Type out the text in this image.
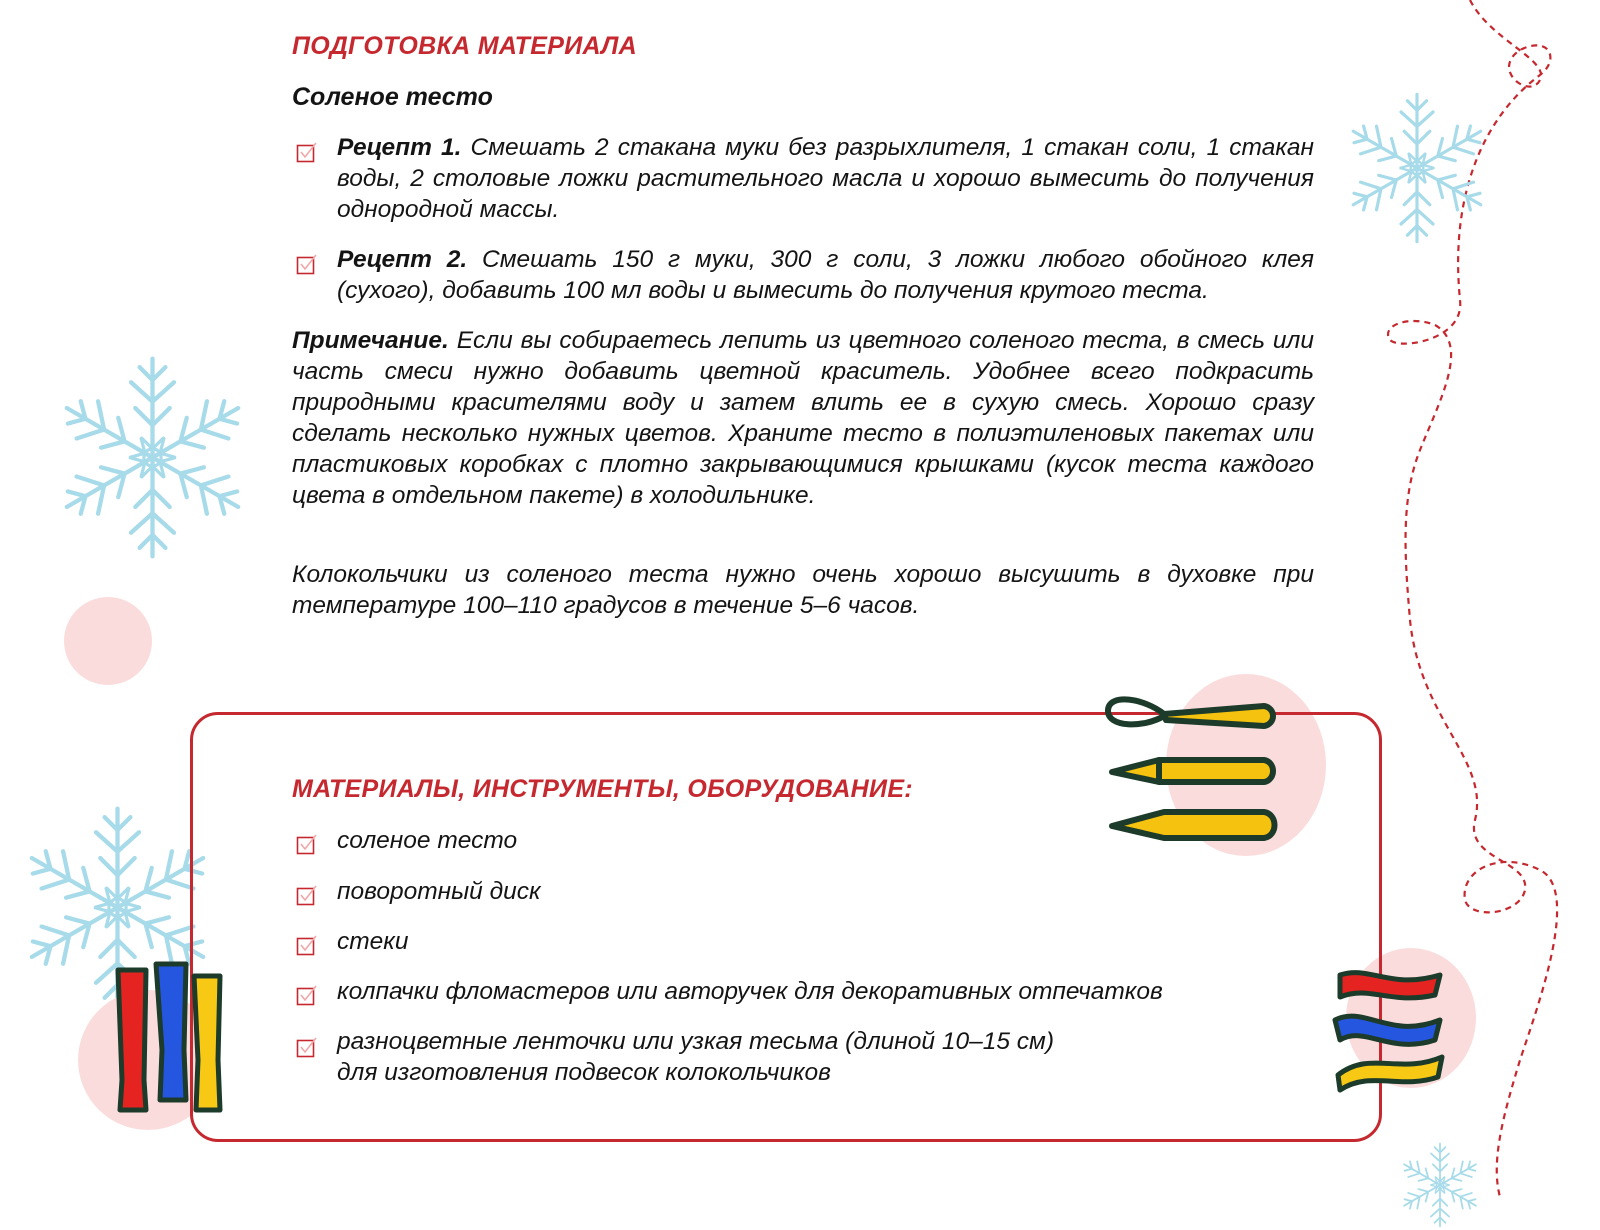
ПОДГОТОВКА МАТЕРИАЛА
Соленое тесто
Рецепт 1. Смешать 2 стакана муки без разрыхлителя, 1 стакан соли, 1 стакан воды, 2 столовые ложки растительного масла и хорошо вымесить до получения однородной массы.
Рецепт 2. Смешать 150 г муки, 300 г соли, 3 ложки любого обойного клея (сухого), добавить 100 мл воды и вымесить до получения крутого теста.
Примечание. Если вы собираетесь лепить из цветного соленого теста, в смесь или часть смеси нужно добавить цветной краситель. Удобнее всего подкрасить природными красителями воду и затем влить ее в сухую смесь. Хорошо сразу сделать несколько нужных цветов. Храните тесто в полиэтиленовых пакетах или пластиковых коробках с плотно закрывающимися крышками (кусок теста каждого цвета в отдельном пакете) в холодильнике.
Колокольчики из соленого теста нужно очень хорошо высушить в духовке при температуре 100–110 градусов в течение 5–6 часов.
МАТЕРИАЛЫ, ИНСТРУМЕНТЫ, ОБОРУДОВАНИЕ:
соленое тесто
поворотный диск
стеки
колпачки фломастеров или авторучек для декоративных отпечатков
разноцветные ленточки или узкая тесьма (длиной 10–15 см)
для изготовления подвесок колокольчиков
